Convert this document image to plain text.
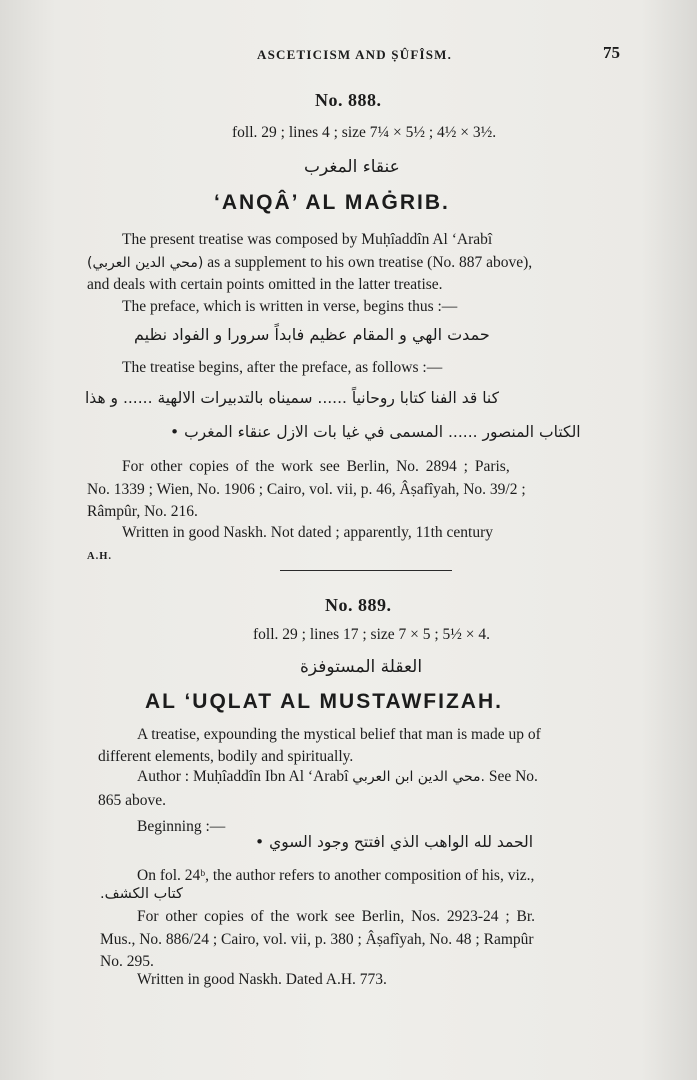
ASCETICISM AND ṢÛFÎSM.	75
No. 888.
foll. 29 ; lines 4 ; size 7¼ × 5½ ; 4½ × 3½.
عنقاء المغرب
‘ANQÂ’ AL MAĠRIB.
The present treatise was composed by Muḥîaddîn Al ‘Arabî
(محي الدين العربي) as a supplement to his own treatise (No. 887 above),
and deals with certain points omitted in the latter treatise.
The preface, which is written in verse, begins thus :—
حمدت الهي و المقام عظيم فابداً سرورا و الفواد نظيم
The treatise begins, after the preface, as follows :—
كنا قد الفنا كتابا روحانياً ...... سميناه بالتدبيرات الالهية ...... و هذا
الكتاب المنصور ...... المسمى في غيا بات الازل عنقاء المغرب •
For other copies of the work see Berlin, No. 2894 ; Paris,
No. 1339 ; Wien, No. 1906 ; Cairo, vol. vii, p. 46, Âṣafîyah, No. 39/2 ;
Râmpûr, No. 216.
Written in good Naskh. Not dated ; apparently, 11th century
A.H.
No. 889.
foll. 29 ; lines 17 ; size 7 × 5 ; 5½ × 4.
العقلة المستوفزة
AL ‘UQLAT AL MUSTAWFIZAH.
A treatise, expounding the mystical belief that man is made up of
different elements, bodily and spiritually.
Author : Muḥîaddîn Ibn Al ‘Arabî محي الدين ابن العربي. See No.
865 above.
Beginning :—
الحمد لله الواهب الذي افتتح وجود السوي •
On fol. 24ᵇ, the author refers to another composition of his, viz.,
كتاب الكشف.
For other copies of the work see Berlin, Nos. 2923-24 ; Br.
Mus., No. 886/24 ; Cairo, vol. vii, p. 380 ; Âṣafîyah, No. 48 ; Rampûr
No. 295.
Written in good Naskh. Dated A.H. 773.
